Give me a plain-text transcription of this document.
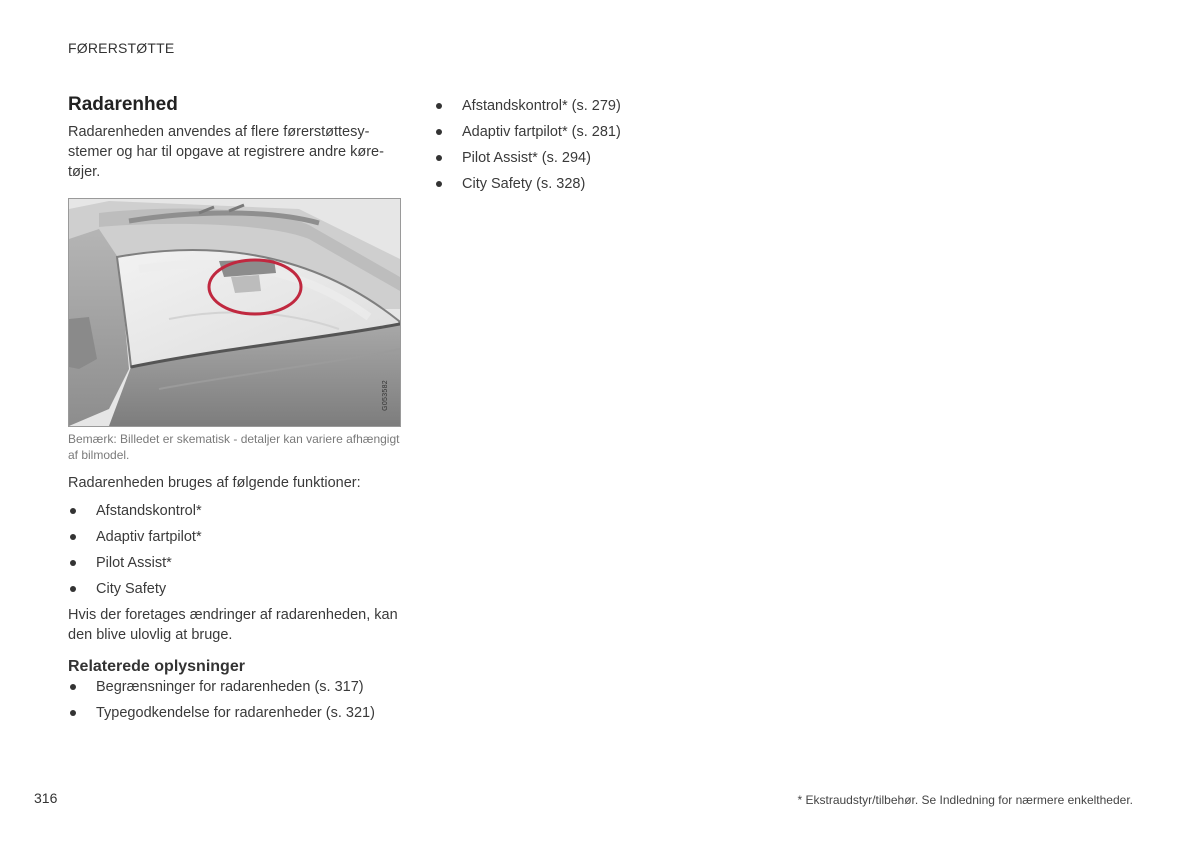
FØRERSTØTTE
Radarenhed

Radarenheden anvendes af flere førerstøttesystemer og har til opgave at registrere andre køretøjer.

G053582

Bemærk: Billedet er skematisk - detaljer kan variere afhængigt af bilmodel.

Radarenheden bruges af følgende funktioner:

Afstandskontrol*
Adaptiv fartpilot*
Pilot Assist*
City Safety

Hvis der foretages ændringer af radarenheden, kan den blive ulovlig at bruge.

Relaterede oplysninger
Begrænsninger for radarenheden (s. 317)
Typegodkendelse for radarenheder (s. 321)
Afstandskontrol* (s. 279)
Adaptiv fartpilot* (s. 281)
Pilot Assist* (s. 294)
City Safety (s. 328)
316	* Ekstraudstyr/tilbehør. Se Indledning for nærmere enkeltheder.
